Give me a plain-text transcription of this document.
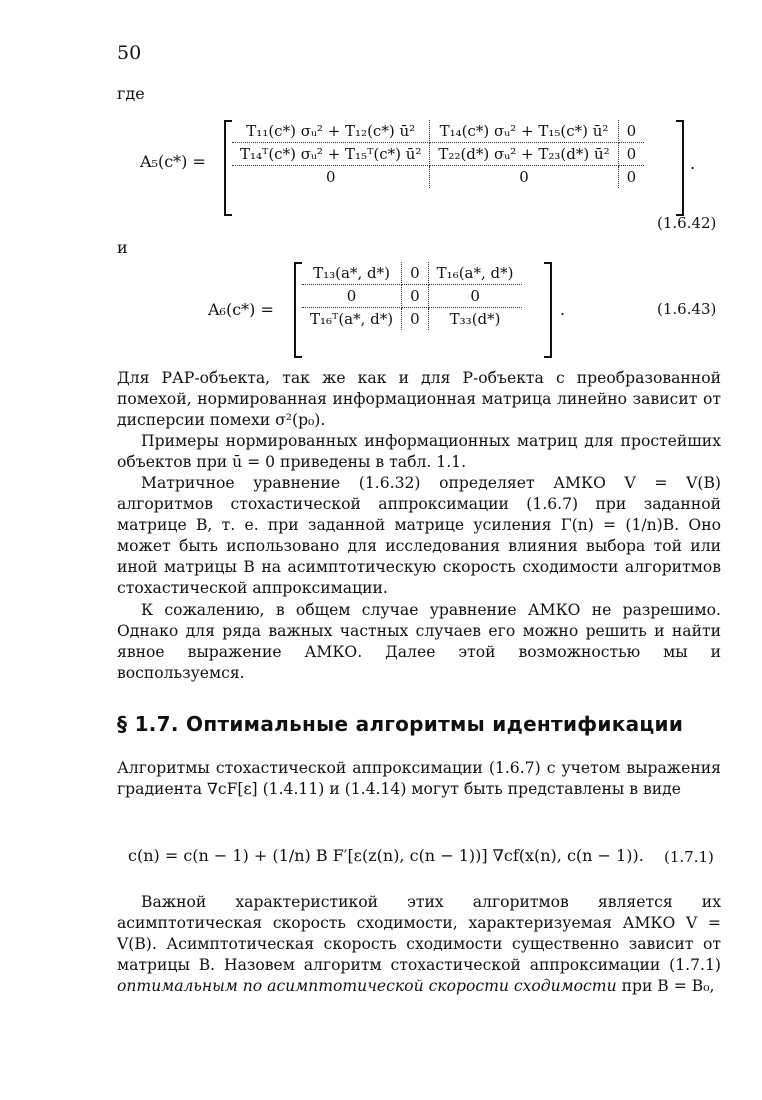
50
где
A₅(c*) =
T₁₁(c*) σᵤ² + T₁₂(c*) ū²	T₁₄(c*) σᵤ² + T₁₅(c*) ū²	0
T₁₄ᵀ(c*) σᵤ² + T₁₅ᵀ(c*) ū²	T₂₂(d*) σᵤ² + T₂₃(d*) ū²	0
0	0	0
.
(1.6.42)
и
A₆(c*) =
T₁₃(a*, d*)	0	T₁₆(a*, d*)
0	0	0
T₁₆ᵀ(a*, d*)	0	T₃₃(d*)	.	(1.6.43)

Для РАР-объекта, так же как и для Р-объекта с преобразованной помехой, нормированная информационная матрица линейно зависит от дисперсии помехи σ²(p₀).

Примеры нормированных информационных матриц для простейших объектов при ū = 0 приведены в табл. 1.1.

Матричное уравнение (1.6.32) определяет АМКО V = V(B) алгоритмов стохастической аппроксимации (1.6.7) при заданной матрице B, т. е. при заданной матрице усиления Γ(n) = (1/n)B. Оно может быть использовано для исследования влияния выбора той или иной матрицы B на асимптотическую скорость сходимости алгоритмов стохастической аппроксимации.

К сожалению, в общем случае уравнение АМКО не разрешимо. Однако для ряда важных частных случаев его можно решить и найти явное выражение АМКО. Далее этой возможностью мы и воспользуемся.

§ 1.7. Оптимальные алгоритмы идентификации

Алгоритмы стохастической аппроксимации (1.6.7) с учетом выражения градиента ∇cF[ε] (1.4.11) и (1.4.14) могут быть представлены в виде

c(n) = c(n − 1) + (1/n) B F′[ε(z(n), c(n − 1))] ∇cf(x(n), c(n − 1)). (1.7.1)

Важной характеристикой этих алгоритмов является их асимптотическая скорость сходимости, характеризуемая АМКО V = V(B). Асимптотическая скорость сходимости существенно зависит от матрицы B. Назовем алгоритм стохастической аппроксимации (1.7.1) оптимальным по асимптотической скорости сходимости при B = B₀,
